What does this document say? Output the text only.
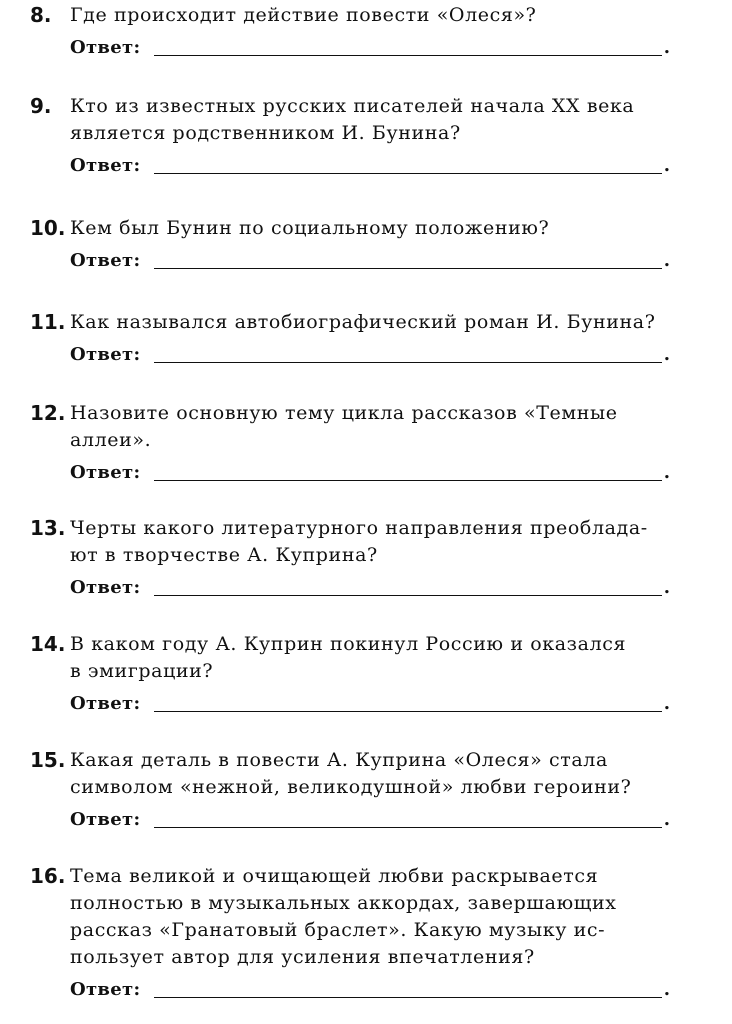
8. Где происходит действие повести «Олеся»?
Ответ:	.
9. Кто из известных русских писателей начала XX века
является родственником И. Бунина?
Ответ:	.
10. Кем был Бунин по социальному положению?
Ответ:	.
11. Как назывался автобиографический роман И. Бунина?
Ответ:	.
12. Назовите основную тему цикла рассказов «Темные
аллеи».
Ответ:	.
13. Черты какого литературного направления преоблада-
ют в творчестве А. Куприна?
Ответ:	.
14. В каком году А. Куприн покинул Россию и оказался
в эмиграции?
Ответ:	.
15. Какая деталь в повести А. Куприна «Олеся» стала
символом «нежной, великодушной» любви героини?
Ответ:	.
16. Тема великой и очищающей любви раскрывается
полностью в музыкальных аккордах, завершающих
рассказ «Гранатовый браслет». Какую музыку ис-
пользует автор для усиления впечатления?
Ответ:	.
